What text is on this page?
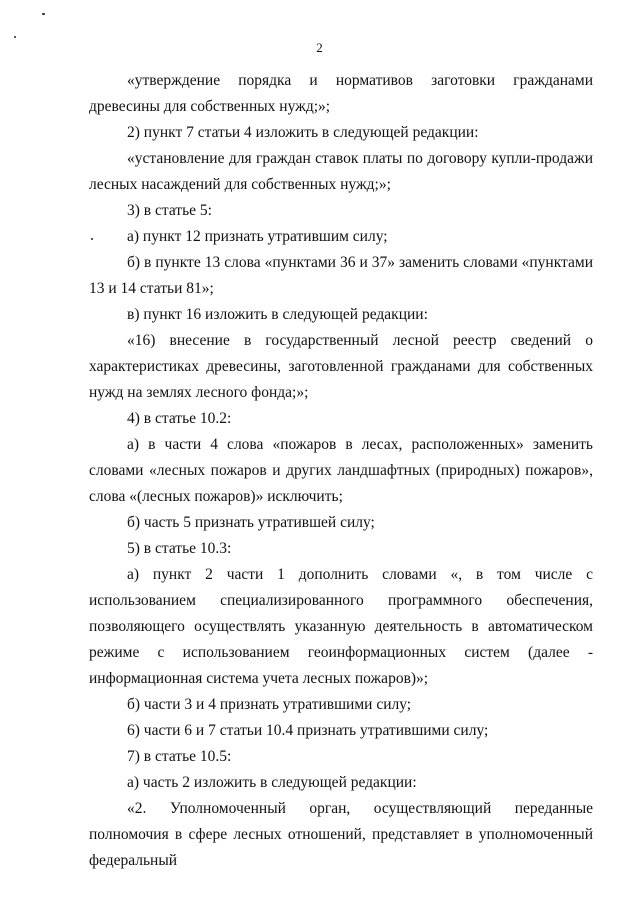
2

«утверждение порядка и нормативов заготовки гражданами древесины для собственных нужд;»;

2) пункт 7 статьи 4 изложить в следующей редакции:

«установление для граждан ставок платы по договору купли-продажи лесных насаждений для собственных нужд;»;

3) в статье 5:

а) пункт 12 признать утратившим силу;

б) в пункте 13 слова «пунктами 36 и 37» заменить словами «пунктами 13 и 14 статьи 81»;

в) пункт 16 изложить в следующей редакции:

«16) внесение в государственный лесной реестр сведений о характеристиках древесины, заготовленной гражданами для собственных нужд на землях лесного фонда;»;

4) в статье 10.2:

а) в части 4 слова «пожаров в лесах, расположенных» заменить словами «лесных пожаров и других ландшафтных (природных) пожаров», слова «(лесных пожаров)» исключить;

б) часть 5 признать утратившей силу;

5) в статье 10.3:

а) пункт 2 части 1 дополнить словами «, в том числе с использованием специализированного программного обеспечения, позволяющего осуществлять указанную деятельность в автоматическом режиме с использованием геоинформационных систем (далее - информационная система учета лесных пожаров)»;

б) части 3 и 4 признать утратившими силу;

6) части 6 и 7 статьи 10.4 признать утратившими силу;

7) в статье 10.5:

а) часть 2 изложить в следующей редакции:

«2. Уполномоченный орган, осуществляющий переданные полномочия в сфере лесных отношений, представляет в уполномоченный федеральный
